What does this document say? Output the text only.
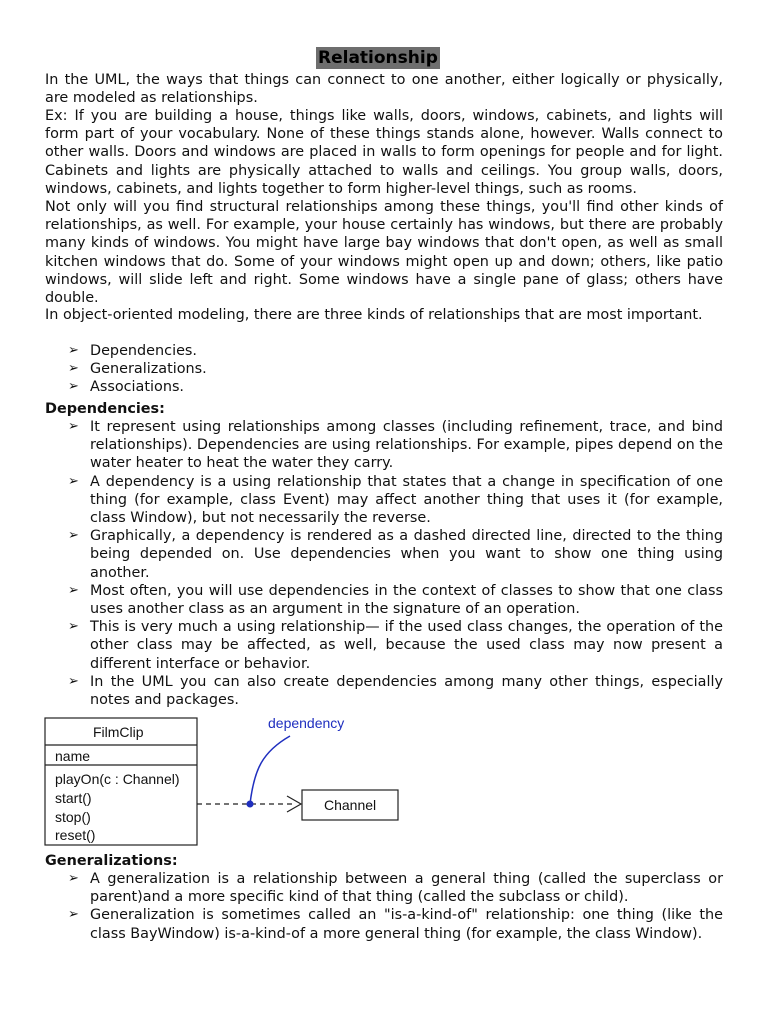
Relationship

In the UML, the ways that things can connect to one another, either logically or physically, are modeled as relationships.

Ex: If you are building a house, things like walls, doors, windows, cabinets, and lights will form part of your vocabulary. None of these things stands alone, however. Walls connect to other walls. Doors and windows are placed in walls to form openings for people and for light. Cabinets and lights are physically attached to walls and ceilings. You group walls, doors, windows, cabinets, and lights together to form higher-level things, such as rooms.

Not only will you find structural relationships among these things, you'll find other kinds of relationships, as well. For example, your house certainly has windows, but there are probably many kinds of windows. You might have large bay windows that don't open, as well as small kitchen windows that do. Some of your windows might open up and down; others, like patio windows, will slide left and right. Some windows have a single pane of glass; others have double.

In object-oriented modeling, there are three kinds of relationships that are most important.

➢ Dependencies.
➢ Generalizations.
➢ Associations.
Dependencies:
➢ It represent using relationships among classes (including refinement, trace, and bind relationships). Dependencies are using relationships. For example, pipes depend on the water heater to heat the water they carry.
➢ A dependency is a using relationship that states that a change in specification of one thing (for example, class Event) may affect another thing that uses it (for example, class Window), but not necessarily the reverse.
➢ Graphically, a dependency is rendered as a dashed directed line, directed to the thing being depended on. Use dependencies when you want to show one thing using another.
➢ Most often, you will use dependencies in the context of classes to show that one class uses another class as an argument in the signature of an operation.
➢ This is very much a using relationship— if the used class changes, the operation of the other class may be affected, as well, because the used class may now present a different interface or behavior.
➢ In the UML you can also create dependencies among many other things, especially notes and packages.
FilmClip
name
playOn(c : Channel)
start()
stop()
reset()
Channel
dependency
Generalizations:
➢ A generalization is a relationship between a general thing (called the superclass or parent)and a more specific kind of that thing (called the subclass or child).
➢ Generalization is sometimes called an "is-a-kind-of" relationship: one thing (like the class BayWindow) is-a-kind-of a more general thing (for example, the class Window).
